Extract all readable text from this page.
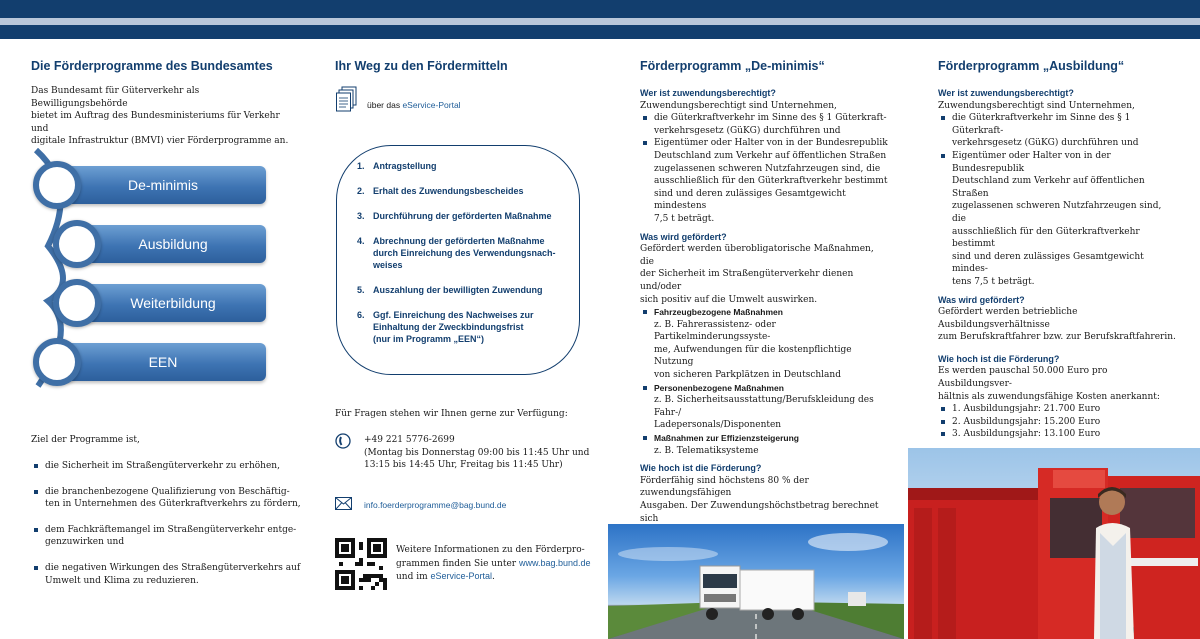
Die Förderprogramme des Bundesamtes
Das Bundesamt für Güterverkehr als Bewilligungsbehörde
bietet im Auftrag des Bundesministeriums für Verkehr und
digitale Infrastruktur (BMVI) vier Förderprogramme an.
De-minimis
Ausbildung
Weiterbildung
EEN
Ziel der Programme ist,
die Sicherheit im Straßengüterverkehr zu erhöhen,
die branchenbezogene Qualifizierung von Beschäftig-
ten in Unternehmen des Güterkraftverkehrs zu fördern,
dem Fachkräftemangel im Straßengüterverkehr entge-
genzuwirken und
die negativen Wirkungen des Straßengüterverkehrs auf
Umwelt und Klima zu reduzieren.
Ihr Weg zu den Fördermitteln
über das eService-Portal
1. Antragstellung
2. Erhalt des Zuwendungsbescheides
3. Durchführung der geförderten Maßnahme
4. Abrechnung der geförderten Maßnahme
durch Einreichung des Verwendungsnach-
weises
5. Auszahlung der bewilligten Zuwendung
6. Ggf. Einreichung des Nachweises zur
Einhaltung der Zweckbindungsfrist
(nur im Programm „EEN“)
Für Fragen stehen wir Ihnen gerne zur Verfügung:
+49 221 5776-2699
(Montag bis Donnerstag 09:00 bis 11:45 Uhr und
13:15 bis 14:45 Uhr, Freitag bis 11:45 Uhr)
info.foerderprogramme@bag.bund.de
Weitere Informationen zu den Förderpro-
grammen finden Sie unter www.bag.bund.de
und im eService-Portal.
Förderprogramm „De-minimis“
Wer ist zuwendungsberechtigt?
Zuwendungsberechtigt sind Unternehmen,
die Güterkraftverkehr im Sinne des § 1 Güterkraft-
verkehrsgesetz (GüKG) durchführen und
Eigentümer oder Halter von in der Bundesrepublik
Deutschland zum Verkehr auf öffentlichen Straßen
zugelassenen schweren Nutzfahrzeugen sind, die
ausschließlich für den Güterkraftverkehr bestimmt
sind und deren zulässiges Gesamtgewicht mindestens
7,5 t beträgt.
Was wird gefördert?
Gefördert werden überobligatorische Maßnahmen, die
der Sicherheit im Straßengüterverkehr dienen und/oder
sich positiv auf die Umwelt auswirken.
Fahrzeugbezogene Maßnahmen
z. B. Fahrerassistenz- oder Partikelminderungssyste-
me, Aufwendungen für die kostenpflichtige Nutzung
von sicheren Parkplätzen in Deutschland
Personenbezogene Maßnahmen
z. B. Sicherheitsausstattung/Berufskleidung des Fahr-/
Ladepersonals/Disponenten
Maßnahmen zur Effizienzsteigerung
z. B. Telematiksysteme
Wie hoch ist die Förderung?
Förderfähig sind höchstens 80 % der zuwendungsfähigen
Ausgaben. Der Zuwendungshöchstbetrag berechnet sich
Förderprogramm „Ausbildung“
Wer ist zuwendungsberechtigt?
Zuwendungsberechtigt sind Unternehmen,
die Güterkraftverkehr im Sinne des § 1 Güterkraft-
verkehrsgesetz (GüKG) durchführen und
Eigentümer oder Halter von in der Bundesrepublik
Deutschland zum Verkehr auf öffentlichen Straßen
zugelassenen schweren Nutzfahrzeugen sind, die
ausschließlich für den Güterkraftverkehr bestimmt
sind und deren zulässiges Gesamtgewicht mindes-
tens 7,5 t beträgt.
Was wird gefördert?
Gefördert werden betriebliche Ausbildungsverhältnisse
zum Berufskraftfahrer bzw. zur Berufskraftfahrerin.
Wie hoch ist die Förderung?
Es werden pauschal 50.000 Euro pro Ausbildungsver-
hältnis als zuwendungsfähige Kosten anerkannt:
1. Ausbildungsjahr: 21.700 Euro
2. Ausbildungsjahr: 15.200 Euro
3. Ausbildungsjahr: 13.100 Euro
